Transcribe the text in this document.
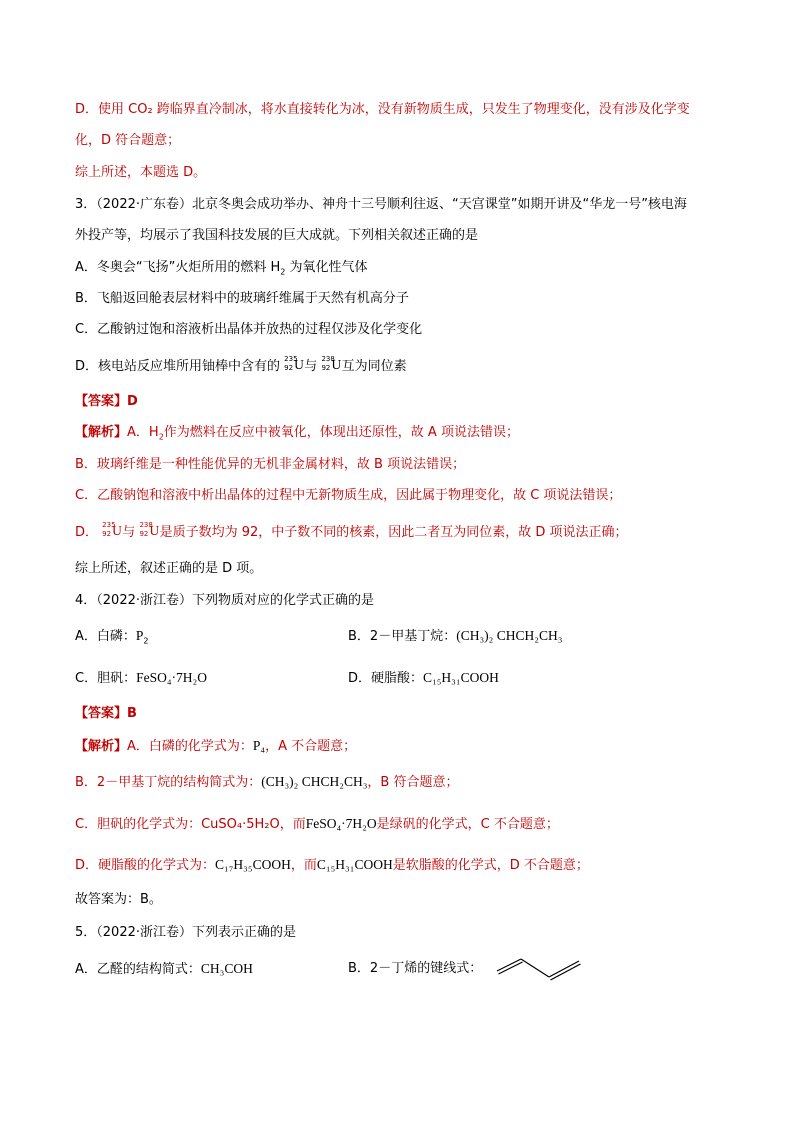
D．使用 CO₂ 跨临界直冷制冰，将水直接转化为冰，没有新物质生成，只发生了物理变化，没有涉及化学变
化，D 符合题意；
综上所述，本题选 D。
3．（2022·广东卷）北京冬奥会成功举办、神舟十三号顺利往返、“天宫课堂”如期开讲及“华龙一号”核电海
外投产等，均展示了我国科技发展的巨大成就。下列相关叙述正确的是
A．冬奥会“飞扬”火炬所用的燃料 $H_2$ 为氧化性气体
B．飞船返回舱表层材料中的玻璃纤维属于天然有机高分子
C．乙酸钠过饱和溶液析出晶体并放热的过程仅涉及化学变化
D．核电站反应堆所用铀棒中含有的 235
92 U 与 238
92 U 互为同位素
【答案】D
【解析】A．$H_2$作为燃料在反应中被氧化，体现出还原性，故 A 项说法错误；
B．玻璃纤维是一种性能优异的无机非金属材料，故 B 项说法错误；
C．乙酸钠饱和溶液中析出晶体的过程中无新物质生成，因此属于物理变化，故 C 项说法错误；
D． 235
92 U 与 238
92 U 是质子数均为 92，中子数不同的核素，因此二者互为同位素，故 D 项说法正确；
综上所述，叙述正确的是 D 项。
4．（2022·浙江卷）下列物质对应的化学式正确的是
A．白磷：$P_2$	B．2－甲基丁烷：(CH₃)₂ CHCH₂CH₃
C．胆矾：FeSO₄·7H₂O	D．硬脂酸：C₁₅H₃₁COOH
【答案】B
【解析】A．白磷的化学式为：P₄，A 不合题意；
B．2－甲基丁烷的结构简式为：(CH₃)₂ CHCH₂CH₃，B 符合题意；
C．胆矾的化学式为：CuSO₄·5H₂O，而FeSO₄·7H₂O是绿矾的化学式，C 不合题意；
D．硬脂酸的化学式为：C₁₇H₃₅COOH，而C₁₅H₃₁COOH是软脂酸的化学式，D 不合题意；
故答案为：B。
5．（2022·浙江卷）下列表示正确的是
A．乙醛的结构简式：CH₃COH	B．2－丁烯的键线式：
